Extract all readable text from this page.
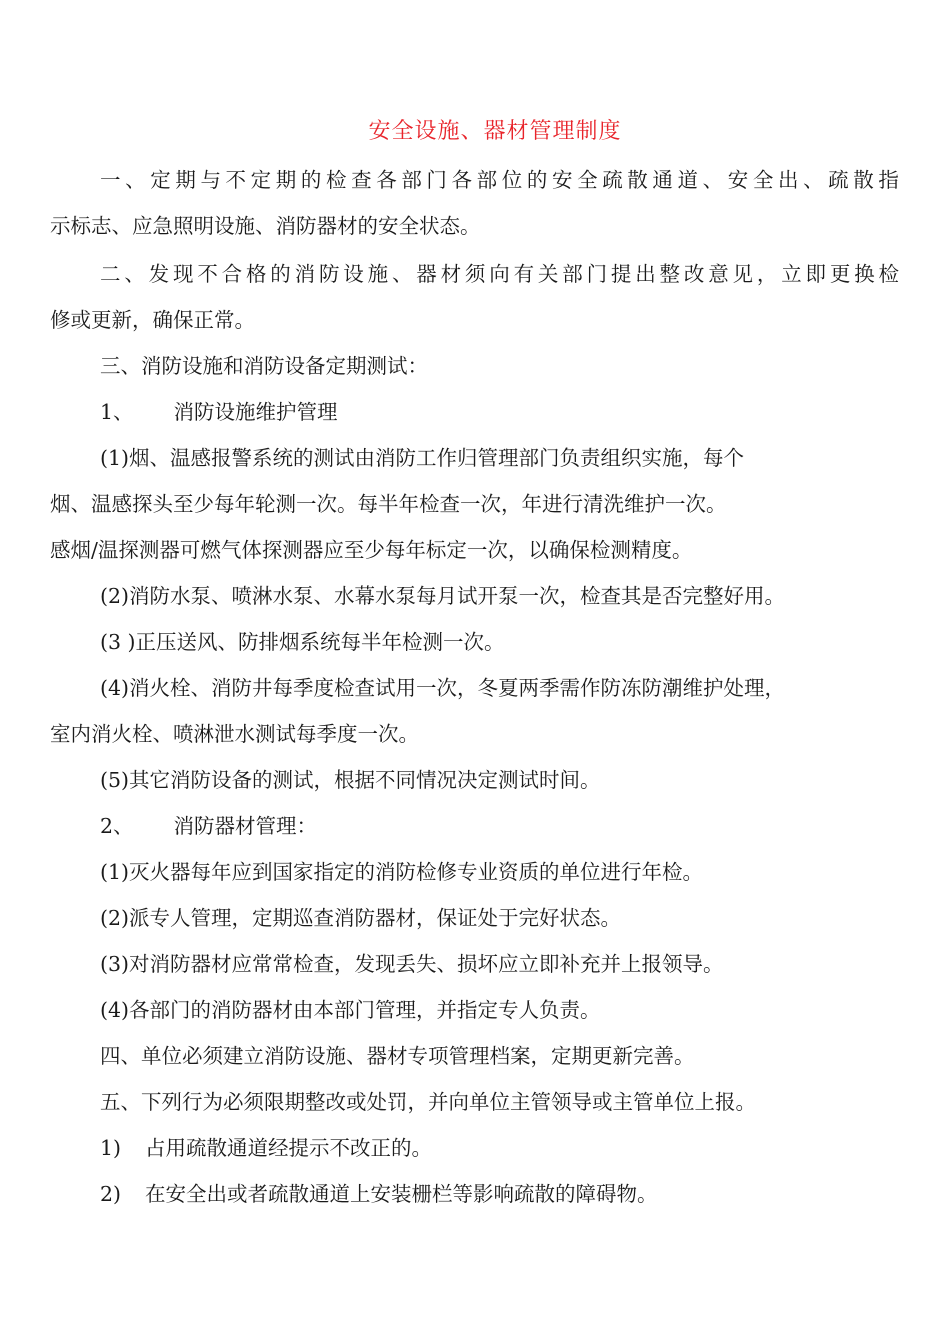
安全设施、器材管理制度
一 、 定 期 与 不 定 期 的 检 查 各 部 门 各 部 位 的 安 全 疏 散 通 道 、 安 全 出 、 疏 散 指
示标志、应急照明设施、消防器材的安全状态。
二 、 发 现 不 合 格 的 消 防 设 施 、 器 材 须 向 有 关 部 门 提 出 整 改 意 见 ， 立 即 更 换 检
修或更新，确保正常。
三、消防设施和消防设备定期测试：
1、 消防设施维护管理
(1)烟、温感报警系统的测试由消防工作归管理部门负责组织实施，每个
烟、温感探头至少每年轮测一次。每半年检查一次，年进行清洗维护一次。
感烟/温探测器可燃气体探测器应至少每年标定一次，以确保检测精度。
(2)消防水泵、喷淋水泵、水幕水泵每月试开泵一次，检查其是否完整好用。
(3 )正压送风、防排烟系统每半年检测一次。
(4)消火栓、消防井每季度检查试用一次，冬夏两季需作防冻防潮维护处理，
室内消火栓、喷淋泄水测试每季度一次。
(5)其它消防设备的测试，根据不同情况决定测试时间。
2、 消防器材管理：
(1)灭火器每年应到国家指定的消防检修专业资质的单位进行年检。
(2)派专人管理，定期巡查消防器材，保证处于完好状态。
(3)对消防器材应常常检查，发现丢失、损坏应立即补充并上报领导。
(4)各部门的消防器材由本部门管理，并指定专人负责。
四、单位必须建立消防设施、器材专项管理档案，定期更新完善。
五、下列行为必须限期整改或处罚，并向单位主管领导或主管单位上报。
1) 占用疏散通道经提示不改正的。
2) 在安全出或者疏散通道上安装栅栏等影响疏散的障碍物。
